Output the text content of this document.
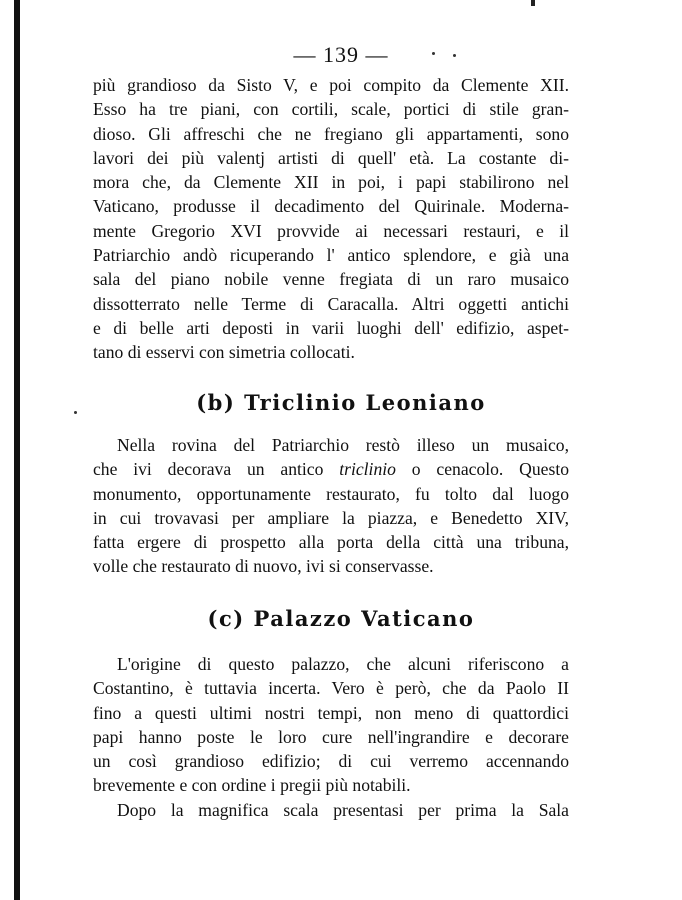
— 139 —
più grandioso da Sisto V, e poi compito da Clemente XII.
Esso ha tre piani, con cortili, scale, portici di stile gran-
dioso. Gli affreschi che ne fregiano gli appartamenti, sono
lavori dei più valentj artisti di quell' età. La costante di-
mora che, da Clemente XII in poi, i papi stabilirono nel
Vaticano, produsse il decadimento del Quirinale. Moderna-
mente Gregorio XVI provvide ai necessari restauri, e il
Patriarchio andò ricuperando l' antico splendore, e già una
sala del piano nobile venne fregiata di un raro musaico
dissotterrato nelle Terme di Caracalla. Altri oggetti antichi
e di belle arti deposti in varii luoghi dell' edifizio, aspet-
tano di esservi con simetria collocati.
(b) Triclinio Leoniano
Nella rovina del Patriarchio restò illeso un musaico,
che ivi decorava un antico triclinio o cenacolo. Questo
monumento, opportunamente restaurato, fu tolto dal luogo
in cui trovavasi per ampliare la piazza, e Benedetto XIV,
fatta ergere di prospetto alla porta della città una tribuna,
volle che restaurato di nuovo, ivi si conservasse.
(c) Palazzo Vaticano
L'origine di questo palazzo, che alcuni riferiscono a
Costantino, è tuttavia incerta. Vero è però, che da Paolo II
fino a questi ultimi nostri tempi, non meno di quattordici
papi hanno poste le loro cure nell'ingrandire e decorare
un così grandioso edifizio; di cui verremo accennando
brevemente e con ordine i pregii più notabili.
Dopo la magnifica scala presentasi per prima la Sala
